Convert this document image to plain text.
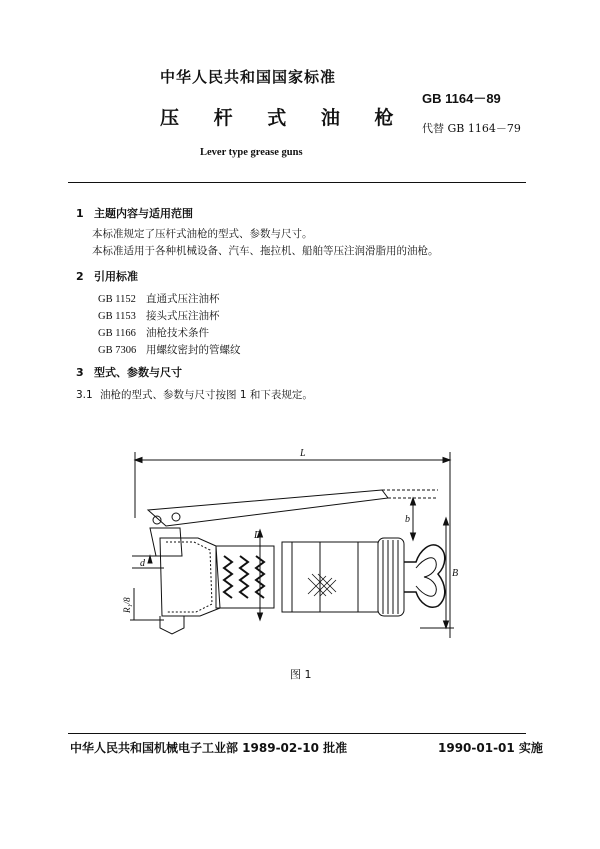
中华人民共和国国家标准
GB 1164－89
压 杆 式 油 枪 代替 GB 1164－79
Lever type grease guns
1 主题内容与适用范围
本标准规定了压杆式油枪的型式、参数与尺寸。
本标准适用于各种机械设备、汽车、拖拉机、船舶等压注润滑脂用的油枪。
2 引用标准
GB 1152 直通式压注油杯
GB 1153 接头式压注油杯
GB 1166 油枪技术条件
GB 7306 用螺纹密封的管螺纹
3 型式、参数与尺寸
3.1 油枪的型式、参数与尺寸按图 1 和下表规定。
L
b
B
D
d
R₁/8
图 1
中华人民共和国机械电子工业部 1989-02-10 批准	1990-01-01 实施
